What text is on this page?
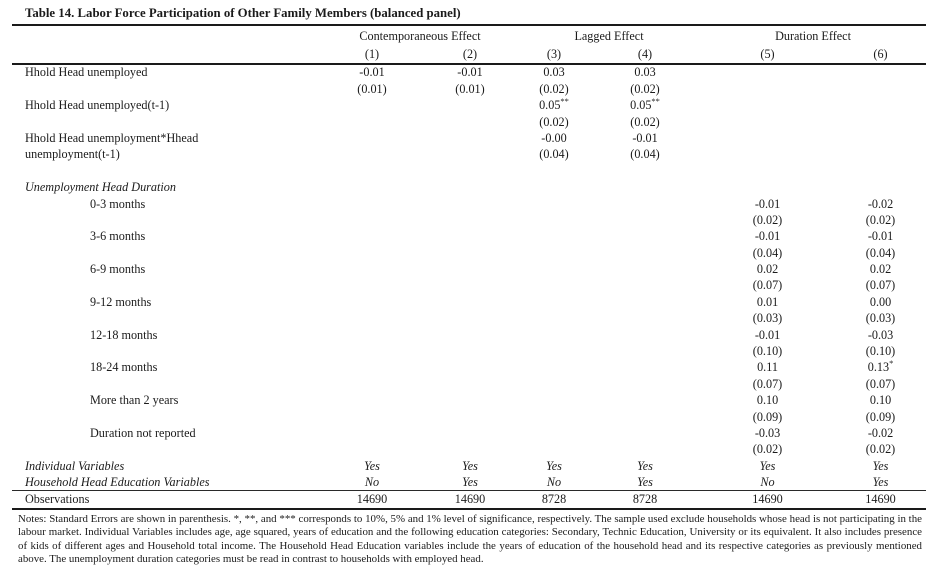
Table 14. Labor Force Participation of Other Family Members (balanced panel)
	Contemporaneous Effect		Lagged Effect		Duration Effect	
	(1)	(2)	(3)	(4)	(5)	(6)
Hhold Head unemployed	-0.01	-0.01	0.03	0.03		
	(0.01)	(0.01)	(0.02)	(0.02)		
Hhold Head unemployed(t-1)			0.05**	0.05**		
			(0.02)	(0.02)		
Hhold Head unemployment*Hhead			-0.00	-0.01		
unemployment(t-1)			(0.04)	(0.04)		

Unemployment Head Duration						
0-3 months					-0.01	-0.02
					(0.02)	(0.02)
3-6 months					-0.01	-0.01
					(0.04)	(0.04)
6-9 months					0.02	0.02
					(0.07)	(0.07)
9-12 months					0.01	0.00
					(0.03)	(0.03)
12-18 months					-0.01	-0.03
					(0.10)	(0.10)
18-24 months					0.11	0.13*
					(0.07)	(0.07)
More than 2 years					0.10	0.10
					(0.09)	(0.09)
Duration not reported					-0.03	-0.02
					(0.02)	(0.02)
Individual Variables	Yes	Yes	Yes	Yes	Yes	Yes
Household Head Education Variables	No	Yes	No	Yes	No	Yes
Observations	14690	14690	8728	8728	14690	14690

Notes: Standard Errors are shown in parenthesis. *, **, and *** corresponds to 10%, 5% and 1% level of significance, respectively. The sample used exclude households whose head is not participating in the labour market. Individual Variables includes age, age squared, years of education and the following education categories: Secondary, Technic Education, University or its equivalent. It also includes presence of kids of different ages and Household total income. The Household Head Education variables include the years of education of the household head and its respective categories as previously mentioned above. The unemployment duration categories must be read in contrast to households with employed head.
